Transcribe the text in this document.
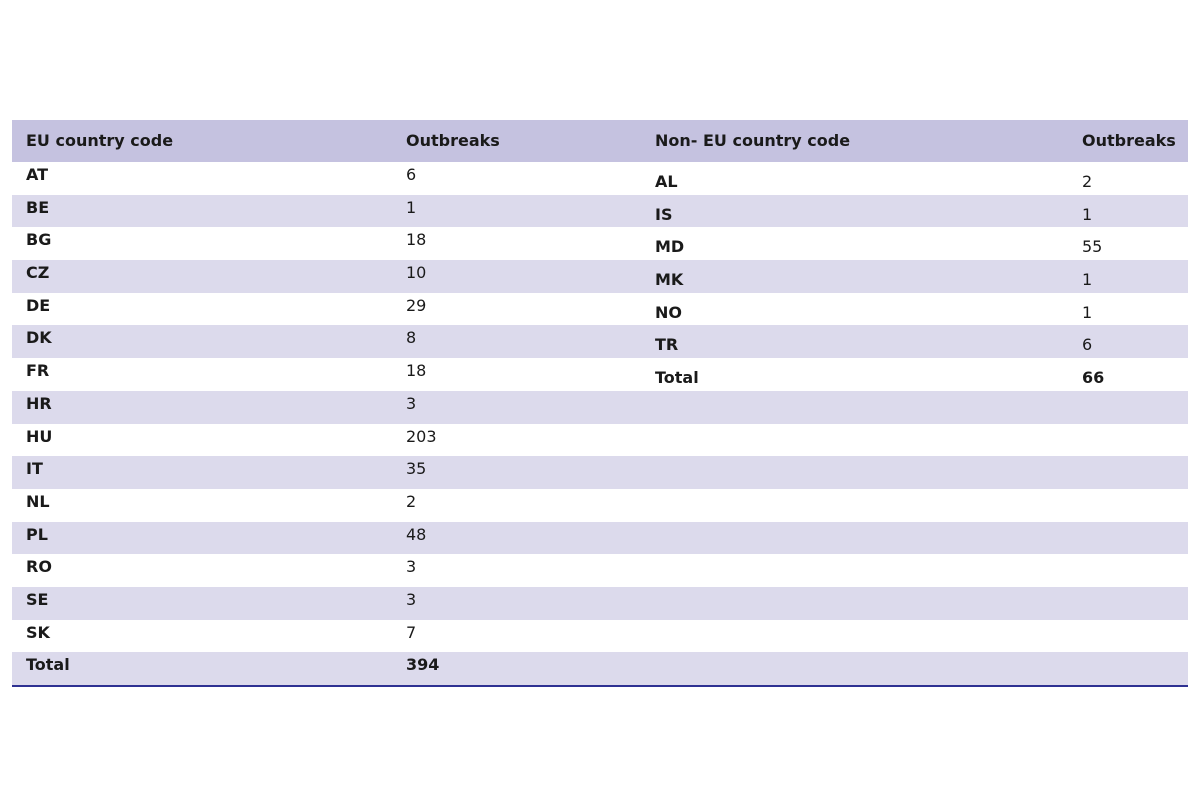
EU country code	Outbreaks	Non- EU country code	Outbreaks
AT	6	AL	2
BE	1	IS	1
BG	18	MD	55
CZ	10	MK	1
DE	29	NO	1
DK	8	TR	6
FR	18	Total	66
HR	3
HU	203
IT	35
NL	2
PL	48
RO	3
SE	3
SK	7
Total	394
